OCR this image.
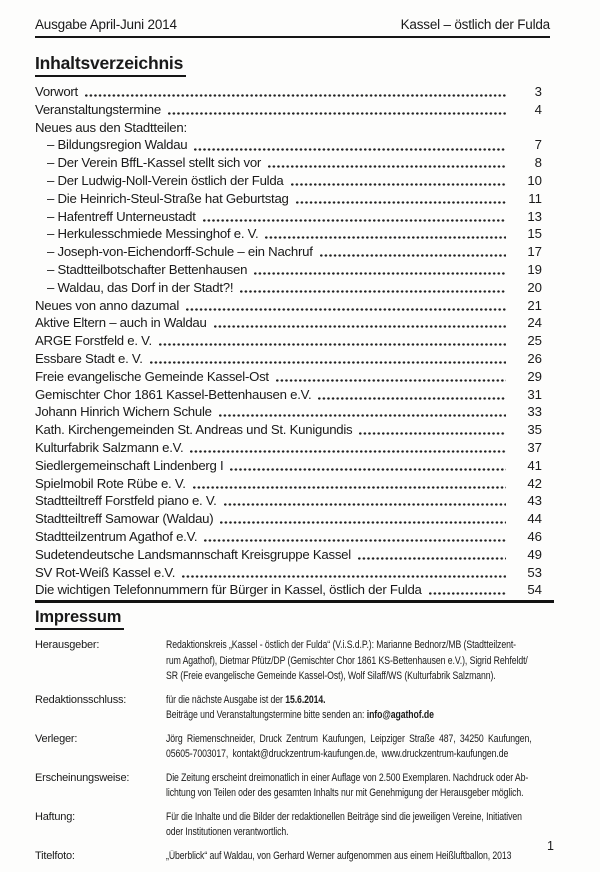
Ausgabe April-Juni 2014	Kassel – östlich der Fulda
Inhaltsverzeichnis
Vorwort	3
Veranstaltungstermine	4
Neues aus den Stadtteilen:
– Bildungsregion Waldau	7
– Der Verein BffL-Kassel stellt sich vor	8
– Der Ludwig-Noll-Verein östlich der Fulda	10
– Die Heinrich-Steul-Straße hat Geburtstag	11
– Hafentreff Unterneustadt	13
– Herkulesschmiede Messinghof e. V.	15
– Joseph-von-Eichendorff-Schule – ein Nachruf	17
– Stadtteilbotschafter Bettenhausen	19
– Waldau, das Dorf in der Stadt?!	20
Neues von anno dazumal	21
Aktive Eltern – auch in Waldau	24
ARGE Forstfeld e. V.	25
Essbare Stadt e. V.	26
Freie evangelische Gemeinde Kassel-Ost	29
Gemischter Chor 1861 Kassel-Bettenhausen e.V.	31
Johann Hinrich Wichern Schule	33
Kath. Kirchengemeinden St. Andreas und St. Kunigundis	35
Kulturfabrik Salzmann e.V.	37
Siedlergemeinschaft Lindenberg I	41
Spielmobil Rote Rübe e. V.	42
Stadtteiltreff Forstfeld piano e. V.	43
Stadtteiltreff Samowar (Waldau)	44
Stadtteilzentrum Agathof e.V.	46
Sudetendeutsche Landsmannschaft Kreisgruppe Kassel	49
SV Rot-Weiß Kassel e.V.	53
Die wichtigen Telefonnummern für Bürger in Kassel, östlich der Fulda	54
Impressum
Herausgeber:	Redaktionskreis „Kassel - östlich der Fulda“ (V.i.S.d.P.): Marianne Bednorz/MB (Stadtteilzent-
rum Agathof), Dietmar Pfütz/DP (Gemischter Chor 1861 KS-Bettenhausen e.V.), Sigrid Rehfeldt/
SR (Freie evangelische Gemeinde Kassel-Ost), Wolf Silaff/WS (Kulturfabrik Salzmann).
Redaktionsschluss:	für die nächste Ausgabe ist der 15.6.2014.
Beiträge und Veranstaltungstermine bitte senden an: info@agathof.de
Verleger:	Jörg Riemenschneider, Druck Zentrum Kaufungen, Leipziger Straße 487, 34250 Kaufungen,
05605-7003017, kontakt@druckzentrum-kaufungen.de, www.druckzentrum-kaufungen.de
Erscheinungsweise:	Die Zeitung erscheint dreimonatlich in einer Auflage von 2.500 Exemplaren. Nachdruck oder Ab-
lichtung von Teilen oder des gesamten Inhalts nur mit Genehmigung der Herausgeber möglich.
Haftung:	Für die Inhalte und die Bilder der redaktionellen Beiträge sind die jeweiligen Vereine, Initiativen
oder Institutionen verantwortlich.
Titelfoto:	„Überblick“ auf Waldau, von Gerhard Werner aufgenommen aus einem Heißluftballon, 2013
1
